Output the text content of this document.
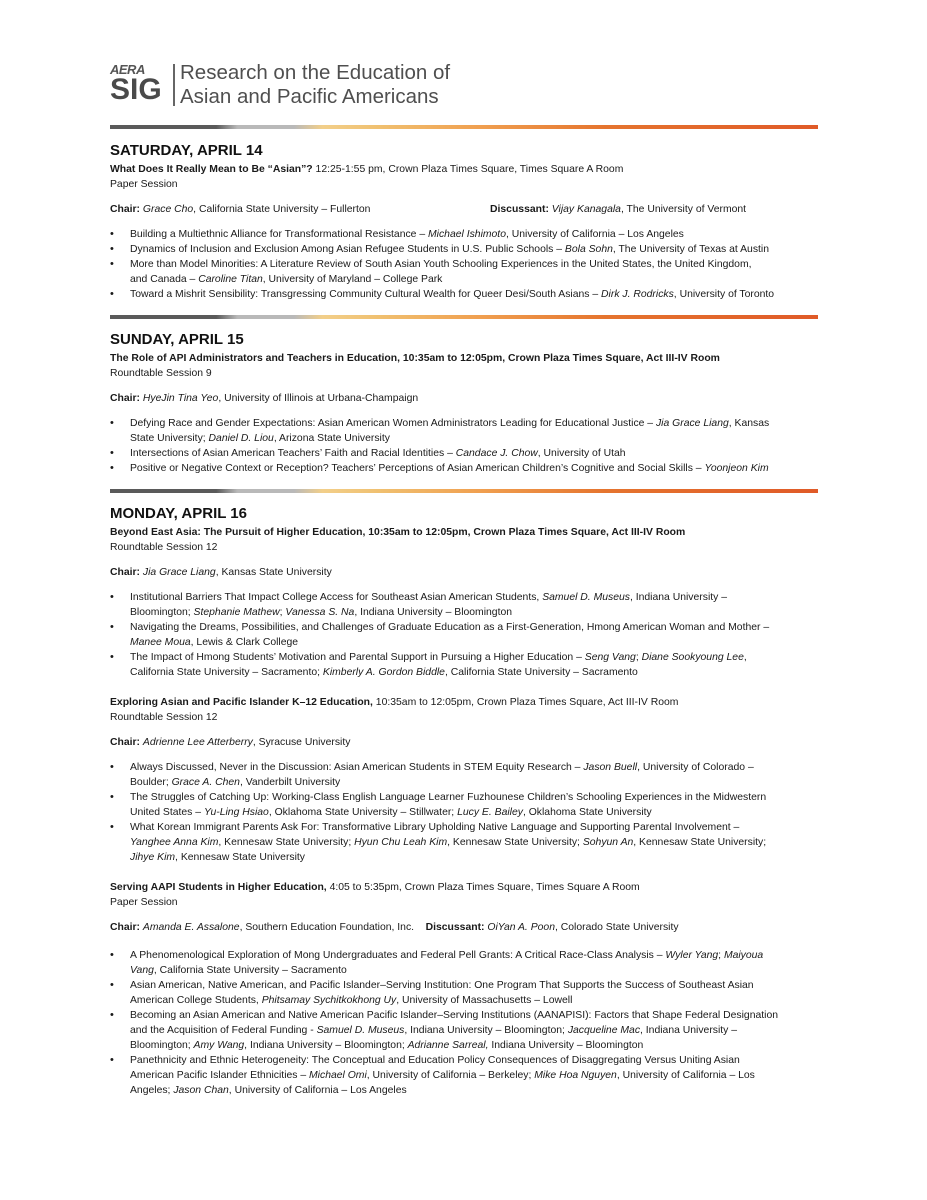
AERA
SIG
Research on the Education of
Asian and Pacific Americans
SATURDAY, APRIL 14
What Does It Really Mean to Be “Asian”? 12:25-1:55 pm, Crown Plaza Times Square, Times Square A Room
Paper Session
Chair: Grace Cho, California State University – Fullerton	Discussant: Vijay Kanagala, The University of Vermont
• Building a Multiethnic Alliance for Transformational Resistance – Michael Ishimoto, University of California – Los Angeles
• Dynamics of Inclusion and Exclusion Among Asian Refugee Students in U.S. Public Schools – Bola Sohn, The University of Texas at Austin
• More than Model Minorities: A Literature Review of South Asian Youth Schooling Experiences in the United States, the United Kingdom,
and Canada – Caroline Titan, University of Maryland – College Park
• Toward a Mishrit Sensibility: Transgressing Community Cultural Wealth for Queer Desi/South Asians – Dirk J. Rodricks, University of Toronto
SUNDAY, APRIL 15
The Role of API Administrators and Teachers in Education, 10:35am to 12:05pm, Crown Plaza Times Square, Act III-IV Room
Roundtable Session 9
Chair: HyeJin Tina Yeo, University of Illinois at Urbana-Champaign
• Defying Race and Gender Expectations: Asian American Women Administrators Leading for Educational Justice – Jia Grace Liang, Kansas
State University; Daniel D. Liou, Arizona State University
• Intersections of Asian American Teachers’ Faith and Racial Identities – Candace J. Chow, University of Utah
• Positive or Negative Context or Reception? Teachers’ Perceptions of Asian American Children’s Cognitive and Social Skills – Yoonjeon Kim
MONDAY, APRIL 16
Beyond East Asia: The Pursuit of Higher Education, 10:35am to 12:05pm, Crown Plaza Times Square, Act III-IV Room
Roundtable Session 12
Chair: Jia Grace Liang, Kansas State University
• Institutional Barriers That Impact College Access for Southeast Asian American Students, Samuel D. Museus, Indiana University –
Bloomington; Stephanie Mathew; Vanessa S. Na, Indiana University – Bloomington
• Navigating the Dreams, Possibilities, and Challenges of Graduate Education as a First-Generation, Hmong American Woman and Mother –
Manee Moua, Lewis & Clark College
• The Impact of Hmong Students’ Motivation and Parental Support in Pursuing a Higher Education – Seng Vang; Diane Sookyoung Lee,
California State University – Sacramento; Kimberly A. Gordon Biddle, California State University – Sacramento
Exploring Asian and Pacific Islander K–12 Education, 10:35am to 12:05pm, Crown Plaza Times Square, Act III-IV Room
Roundtable Session 12
Chair: Adrienne Lee Atterberry, Syracuse University
• Always Discussed, Never in the Discussion: Asian American Students in STEM Equity Research – Jason Buell, University of Colorado –
Boulder; Grace A. Chen, Vanderbilt University
• The Struggles of Catching Up: Working-Class English Language Learner Fuzhounese Children’s Schooling Experiences in the Midwestern
United States – Yu-Ling Hsiao, Oklahoma State University – Stillwater; Lucy E. Bailey, Oklahoma State University
• What Korean Immigrant Parents Ask For: Transformative Library Upholding Native Language and Supporting Parental Involvement –
Yanghee Anna Kim, Kennesaw State University; Hyun Chu Leah Kim, Kennesaw State University; Sohyun An, Kennesaw State University;
Jihye Kim, Kennesaw State University
Serving AAPI Students in Higher Education, 4:05 to 5:35pm, Crown Plaza Times Square, Times Square A Room
Paper Session
Chair: Amanda E. Assalone, Southern Education Foundation, Inc. Discussant: OiYan A. Poon, Colorado State University
• A Phenomenological Exploration of Mong Undergraduates and Federal Pell Grants: A Critical Race-Class Analysis – Wyler Yang; Maiyoua
Vang, California State University – Sacramento
• Asian American, Native American, and Pacific Islander–Serving Institution: One Program That Supports the Success of Southeast Asian
American College Students, Phitsamay Sychitkokhong Uy, University of Massachusetts – Lowell
• Becoming an Asian American and Native American Pacific Islander–Serving Institutions (AANAPISI): Factors that Shape Federal Designation
and the Acquisition of Federal Funding - Samuel D. Museus, Indiana University – Bloomington; Jacqueline Mac, Indiana University –
Bloomington; Amy Wang, Indiana University – Bloomington; Adrianne Sarreal, Indiana University – Bloomington
• Panethnicity and Ethnic Heterogeneity: The Conceptual and Education Policy Consequences of Disaggregating Versus Uniting Asian
American Pacific Islander Ethnicities – Michael Omi, University of California – Berkeley; Mike Hoa Nguyen, University of California – Los
Angeles; Jason Chan, University of California – Los Angeles
